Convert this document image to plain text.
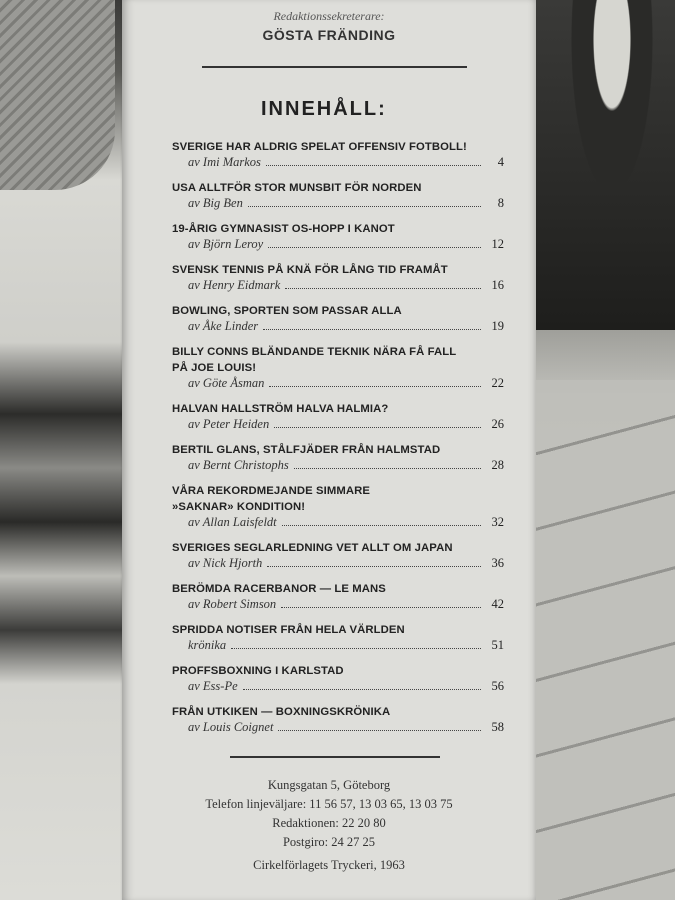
Redaktionssekreterare:
GÖSTA FRÄNDING
INNEHÅLL:
SVERIGE HAR ALDRIG SPELAT OFFENSIV FOTBOLL!
av Imi Markos	4
USA ALLTFÖR STOR MUNSBIT FÖR NORDEN
av Big Ben	8
19-ÅRIG GYMNASIST OS-HOPP I KANOT
av Björn Leroy	12
SVENSK TENNIS PÅ KNÄ FÖR LÅNG TID FRAMÅT
av Henry Eidmark	16
BOWLING, SPORTEN SOM PASSAR ALLA
av Åke Linder	19
BILLY CONNS BLÄNDANDE TEKNIK NÄRA FÅ FALL
PÅ JOE LOUIS!
av Göte Åsman	22
HALVAN HALLSTRÖM HALVA HALMIA?
av Peter Heiden	26
BERTIL GLANS, STÅLFJÄDER FRÅN HALMSTAD
av Bernt Christophs	28
VÅRA REKORDMEJANDE SIMMARE
»SAKNAR» KONDITION!
av Allan Laisfeldt	32
SVERIGES SEGLARLEDNING VET ALLT OM JAPAN
av Nick Hjorth	36
BERÖMDA RACERBANOR — LE MANS
av Robert Simson	42
SPRIDDA NOTISER FRÅN HELA VÄRLDEN
krönika	51
PROFFSBOXNING I KARLSTAD
av Ess-Pe	56
FRÅN UTKIKEN — BOXNINGSKRÖNIKA
av Louis Coignet	58
Kungsgatan 5, Göteborg
Telefon linjeväljare: 11 56 57, 13 03 65, 13 03 75
Redaktionen: 22 20 80
Postgiro: 24 27 25
Cirkelförlagets Tryckeri, 1963
